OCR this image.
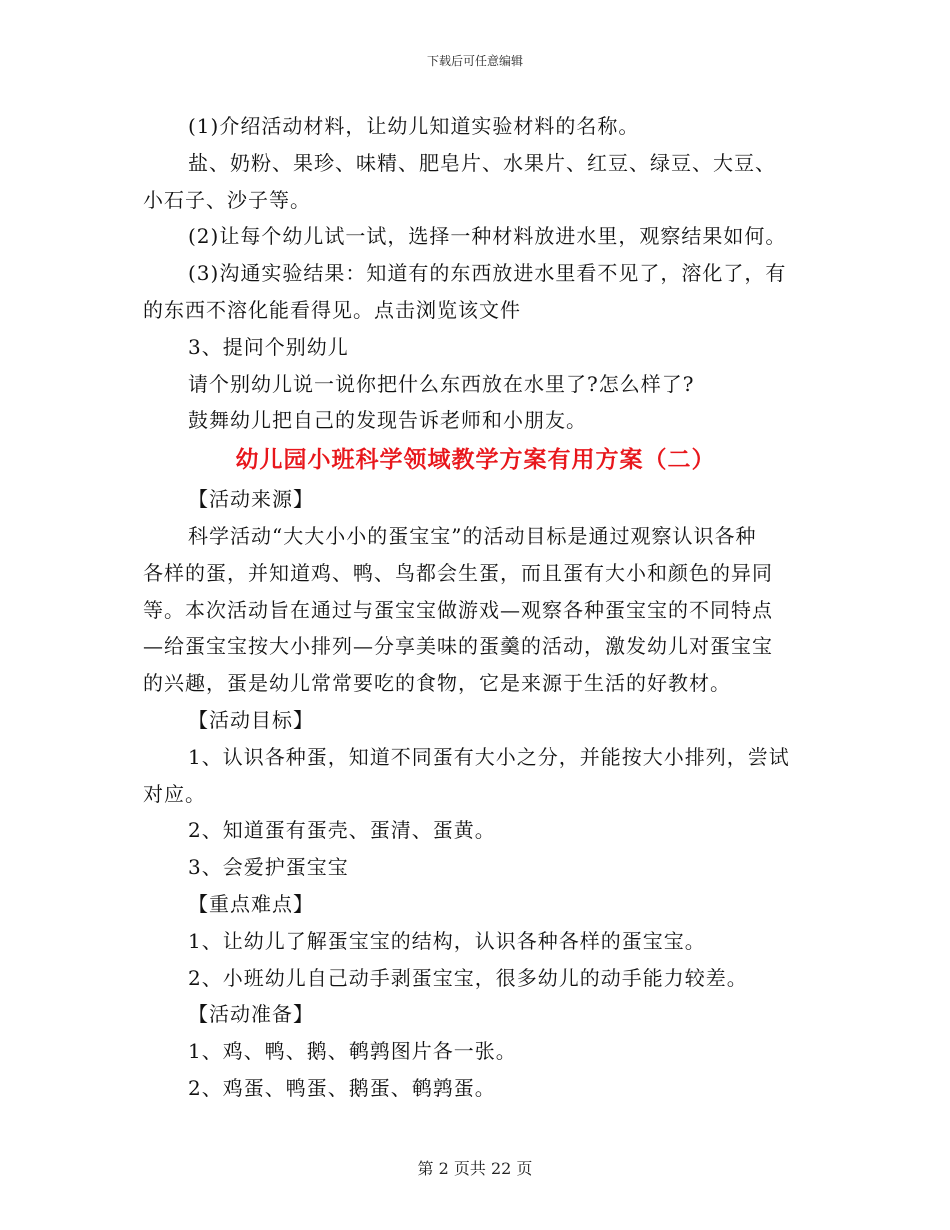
下载后可任意编辑
(1)介绍活动材料，让幼儿知道实验材料的名称。
盐、奶粉、果珍、味精、肥皂片、水果片、红豆、绿豆、大豆、
小石子、沙子等。
(2)让每个幼儿试一试，选择一种材料放进水里，观察结果如何。
(3)沟通实验结果：知道有的东西放进水里看不见了，溶化了，有
的东西不溶化能看得见。点击浏览该文件
3、提问个别幼儿
请个别幼儿说一说你把什么东西放在水里了?怎么样了?
鼓舞幼儿把自己的发现告诉老师和小朋友。
幼儿园小班科学领域教学方案有用方案（二）
【活动来源】
科学活动“大大小小的蛋宝宝”的活动目标是通过观察认识各种
各样的蛋，并知道鸡、鸭、鸟都会生蛋，而且蛋有大小和颜色的异同
等。本次活动旨在通过与蛋宝宝做游戏—观察各种蛋宝宝的不同特点
—给蛋宝宝按大小排列—分享美味的蛋羹的活动，激发幼儿对蛋宝宝
的兴趣，蛋是幼儿常常要吃的食物，它是来源于生活的好教材。
【活动目标】
1、认识各种蛋，知道不同蛋有大小之分，并能按大小排列，尝试
对应。
2、知道蛋有蛋壳、蛋清、蛋黄。
3、会爱护蛋宝宝
【重点难点】
1、让幼儿了解蛋宝宝的结构，认识各种各样的蛋宝宝。
2、小班幼儿自己动手剥蛋宝宝，很多幼儿的动手能力较差。
【活动准备】
1、鸡、鸭、鹅、鹌鹑图片各一张。
2、鸡蛋、鸭蛋、鹅蛋、鹌鹑蛋。
第 2 页共 22 页
